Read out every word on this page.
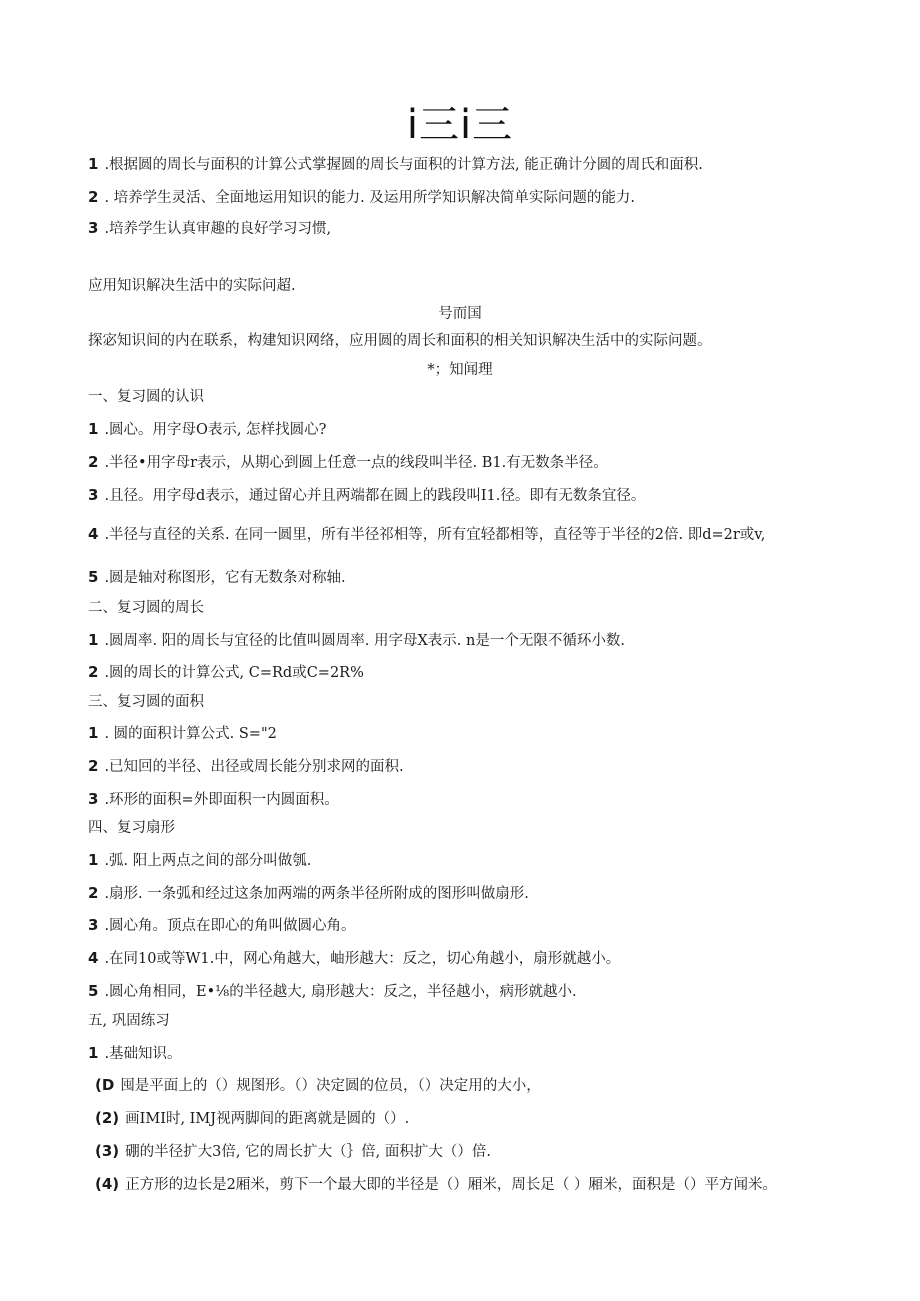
i三i三
1 .根据圆的周长与面积的计算公式掌握圆的周长与面积的计算方法, 能正确计分圆的周氏和面积.
2 . 培养学生灵活、全面地运用知识的能力. 及运用所学知识解决简单实际问题的能力.
3 .培养学生认真审趣的良好学习习惯,
应用知识解决生活中的实际问超.
号而国
探宓知识间的内在联系，构建知识网络，应用圆的周长和面积的相关知识解决生活中的实际问题。
*；知闻理
一、复习圆的认识
1 .圆心。用字母O表示, 怎样找圆心?
2 .半径•用字母r表示，从期心到圆上任意一点的线段叫半径. B1.有无数条半径。
3 .且径。用字母d表示，通过留心并且两端都在圆上的践段叫I1.径。即有无数条宜径。
4 .半径与直径的关系. 在同一圆里，所有半径祁相等，所有宜轻都相等，直径等于半径的2倍. 即d=2r或v,
5 .圆是轴对称图形，它有无数条对称轴.
二、复习圆的周长
1 .圆周率. 阳的周长与宜径的比值叫圆周率. 用字母X表示. n是一个无限不循环小数.
2 .圆的周长的计算公式, C=Rd或C=2R%
三、复习圆的面积
1 . 圆的面积计算公式. S="2
2 .已知回的半径、出径或周长能分别求网的面积.
3 .环形的面积=外即面积一内圆面积。
四、复习扇形
1 .弧. 阳上两点之间的部分叫做瓠.
2 .扇形. 一条弧和经过这条加两端的两条半径所附成的图形叫做扇形.
3 .圆心角。顶点在即心的角叫做圆心角。
4 .在同10或等W1.中，网心角越大，岫形越大：反之，切心角越小，扇形就越小。
5 .圆心角相同，E•⅛的半径越大, 扇形越大：反之，半径越小，病形就越小.
五, 巩固练习
1 .基础知识。
(D 囤是平面上的（）规图形。（）决定圆的位员，（）决定用的大小，
(2) 画IMI时, IMJ视两脚间的距离就是圆的（）.
(3) 硼的半径扩大3倍, 它的周长扩大（｝倍, 面积扩大（）倍.
(4) 正方形的边长是2厢米，剪下一个最大即的半径是（）厢米，周长足（ ）厢米，面积是（）平方闻米。
